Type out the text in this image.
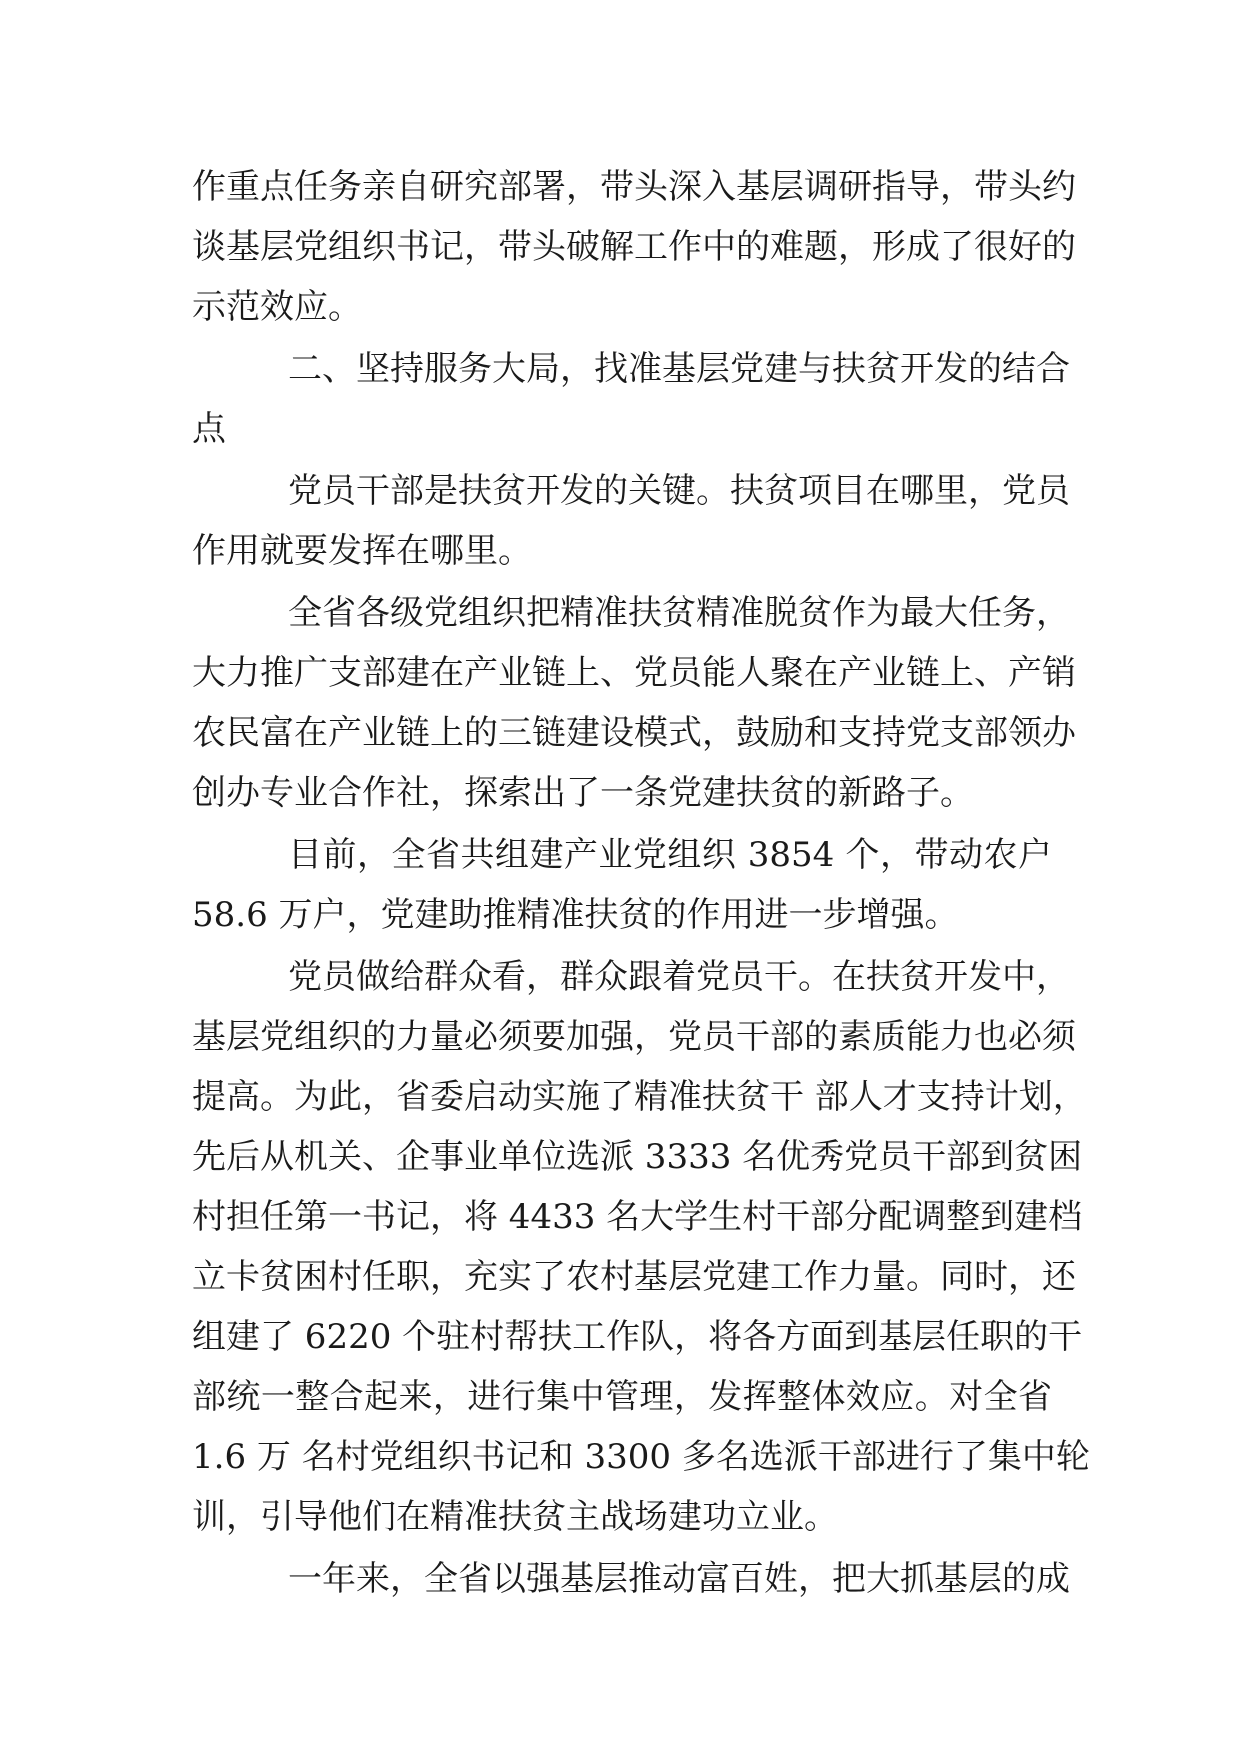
作重点任务亲自研究部署，带头深入基层调研指导，带头约
谈基层党组织书记，带头破解工作中的难题，形成了很好的
示范效应。
二、坚持服务大局，找准基层党建与扶贫开发的结合
点
党员干部是扶贫开发的关键。扶贫项目在哪里，党员
作用就要发挥在哪里。
全省各级党组织把精准扶贫精准脱贫作为最大任务，
大力推广支部建在产业链上、党员能人聚在产业链上、产销
农民富在产业链上的三链建设模式，鼓励和支持党支部领办
创办专业合作社，探索出了一条党建扶贫的新路子。
目前，全省共组建产业党组织 3854 个，带动农户
58.6 万户，党建助推精准扶贫的作用进一步增强。
党员做给群众看，群众跟着党员干。在扶贫开发中，
基层党组织的力量必须要加强，党员干部的素质能力也必须
提高。为此，省委启动实施了精准扶贫干 部人才支持计划，
先后从机关、企事业单位选派 3333 名优秀党员干部到贫困
村担任第一书记，将 4433 名大学生村干部分配调整到建档
立卡贫困村任职，充实了农村基层党建工作力量。同时，还
组建了 6220 个驻村帮扶工作队，将各方面到基层任职的干
部统一整合起来，进行集中管理，发挥整体效应。对全省
1.6 万 名村党组织书记和 3300 多名选派干部进行了集中轮
训，引导他们在精准扶贫主战场建功立业。
一年来，全省以强基层推动富百姓，把大抓基层的成
